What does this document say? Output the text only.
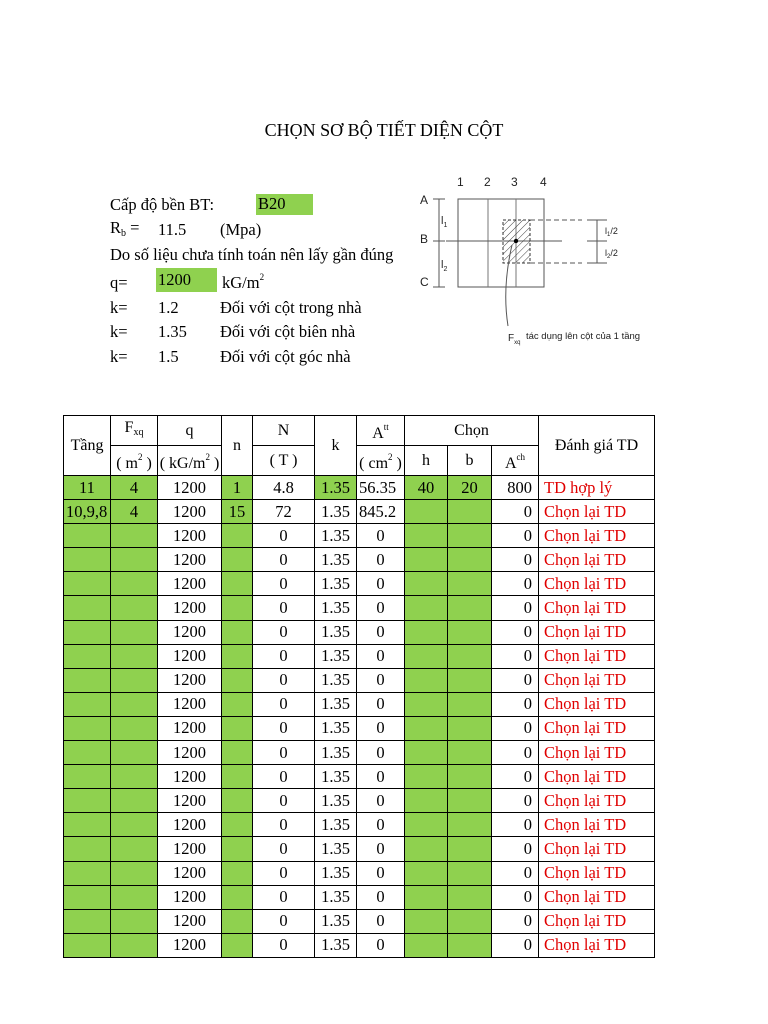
CHỌN SƠ BỘ TIẾT DIỆN CỘT
Cấp độ bền BT:	B20
$R_b = 11.5$ (Mpa)
Do số liệu chưa tính toán nên lấy gần đúng
q= 1200	$kG/m^2$
k= 1.2	Đối với cột trong nhà
k= 1.35 Đối với cột biên nhà
k= 1.5	Đối với cột góc nhà
1 2 3 4
A
B
C
$l_1$
$l_2$
$l_1/2$
$l_2/2$
$F_{xq}$
tác dụng lên cột của 1 tầng
Tầng	$F_{xq}$	q	n	N	k	$A^{tt}$	Chọn			Đánh giá TD
	( $m^2$ )	( $kG/m^2$ )		( T )		( $cm^2$ )	h	b	$A^{ch}$
11	4	1200	1	4.8	1.35	56.35	40	20	800	TD hợp lý
10,9,8	4	1200	15	72	1.35	845.2			0	Chọn lại TD
		1200		0	1.35	0			0	Chọn lại TD
		1200		0	1.35	0			0	Chọn lại TD
		1200		0	1.35	0			0	Chọn lại TD
		1200		0	1.35	0			0	Chọn lại TD
		1200		0	1.35	0			0	Chọn lại TD
		1200		0	1.35	0			0	Chọn lại TD
		1200		0	1.35	0			0	Chọn lại TD
		1200		0	1.35	0			0	Chọn lại TD
		1200		0	1.35	0			0	Chọn lại TD
		1200		0	1.35	0			0	Chọn lại TD
		1200		0	1.35	0			0	Chọn lại TD
		1200		0	1.35	0			0	Chọn lại TD
		1200		0	1.35	0			0	Chọn lại TD
		1200		0	1.35	0			0	Chọn lại TD
		1200		0	1.35	0			0	Chọn lại TD
		1200		0	1.35	0			0	Chọn lại TD
		1200		0	1.35	0			0	Chọn lại TD
		1200		0	1.35	0			0	Chọn lại TD
